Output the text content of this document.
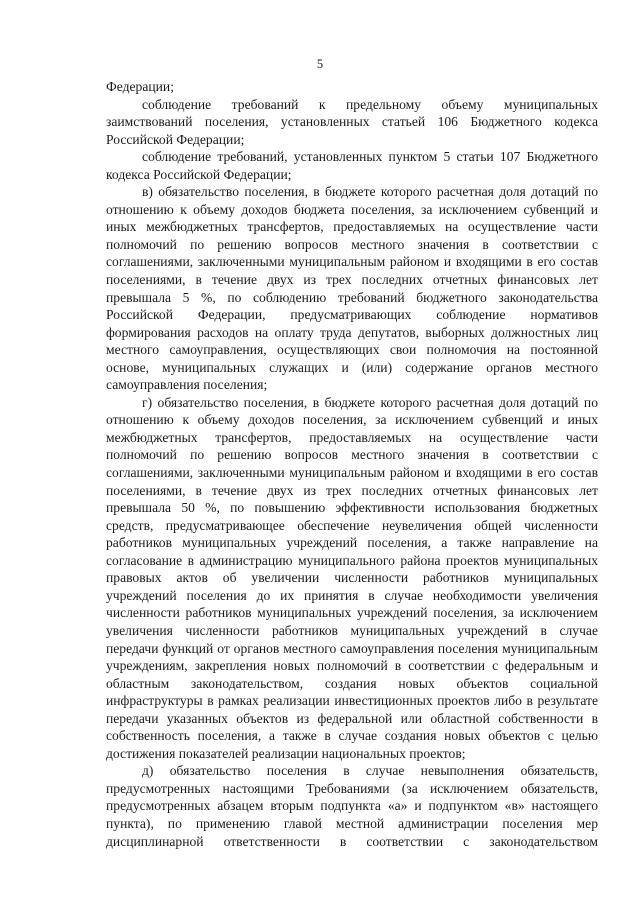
5

Федерации;

соблюдение требований к предельному объему муниципальных заимствований поселения, установленных статьей 106 Бюджетного кодекса Российской Федерации;

соблюдение требований, установленных пунктом 5 статьи 107 Бюджетного кодекса Российской Федерации;

в) обязательство поселения, в бюджете которого расчетная доля дотаций по отношению к объему доходов бюджета поселения, за исключением субвенций и иных межбюджетных трансфертов, предоставляемых на осуществление части полномочий по решению вопросов местного значения в соответствии с соглашениями, заключенными муниципальным районом и входящими в его состав поселениями, в течение двух из трех последних отчетных финансовых лет превышала 5 %, по соблюдению требований бюджетного законодательства Российской Федерации, предусматривающих соблюдение нормативов формирования расходов на оплату труда депутатов, выборных должностных лиц местного самоуправления, осуществляющих свои полномочия на постоянной основе, муниципальных служащих и (или) содержание органов местного самоуправления поселения;

г) обязательство поселения, в бюджете которого расчетная доля дотаций по отношению к объему доходов поселения, за исключением субвенций и иных межбюджетных трансфертов, предоставляемых на осуществление части полномочий по решению вопросов местного значения в соответствии с соглашениями, заключенными муниципальным районом и входящими в его состав поселениями, в течение двух из трех последних отчетных финансовых лет превышала 50 %, по повышению эффективности использования бюджетных средств, предусматривающее обеспечение неувеличения общей численности работников муниципальных учреждений поселения, а также направление на согласование в администрацию муниципального района проектов муниципальных правовых актов об увеличении численности работников муниципальных учреждений поселения до их принятия в случае необходимости увеличения численности работников муниципальных учреждений поселения, за исключением увеличения численности работников муниципальных учреждений в случае передачи функций от органов местного самоуправления поселения муниципальным учреждениям, закрепления новых полномочий в соответствии с федеральным и областным законодательством, создания новых объектов социальной инфраструктуры в рамках реализации инвестиционных проектов либо в результате передачи указанных объектов из федеральной или областной собственности в собственность поселения, а также в случае создания новых объектов с целью достижения показателей реализации национальных проектов;

д) обязательство поселения в случае невыполнения обязательств, предусмотренных настоящими Требованиями (за исключением обязательств, предусмотренных абзацем вторым подпункта «а» и подпунктом «в» настоящего пункта), по применению главой местной администрации поселения мер дисциплинарной ответственности в соответствии с законодательством
